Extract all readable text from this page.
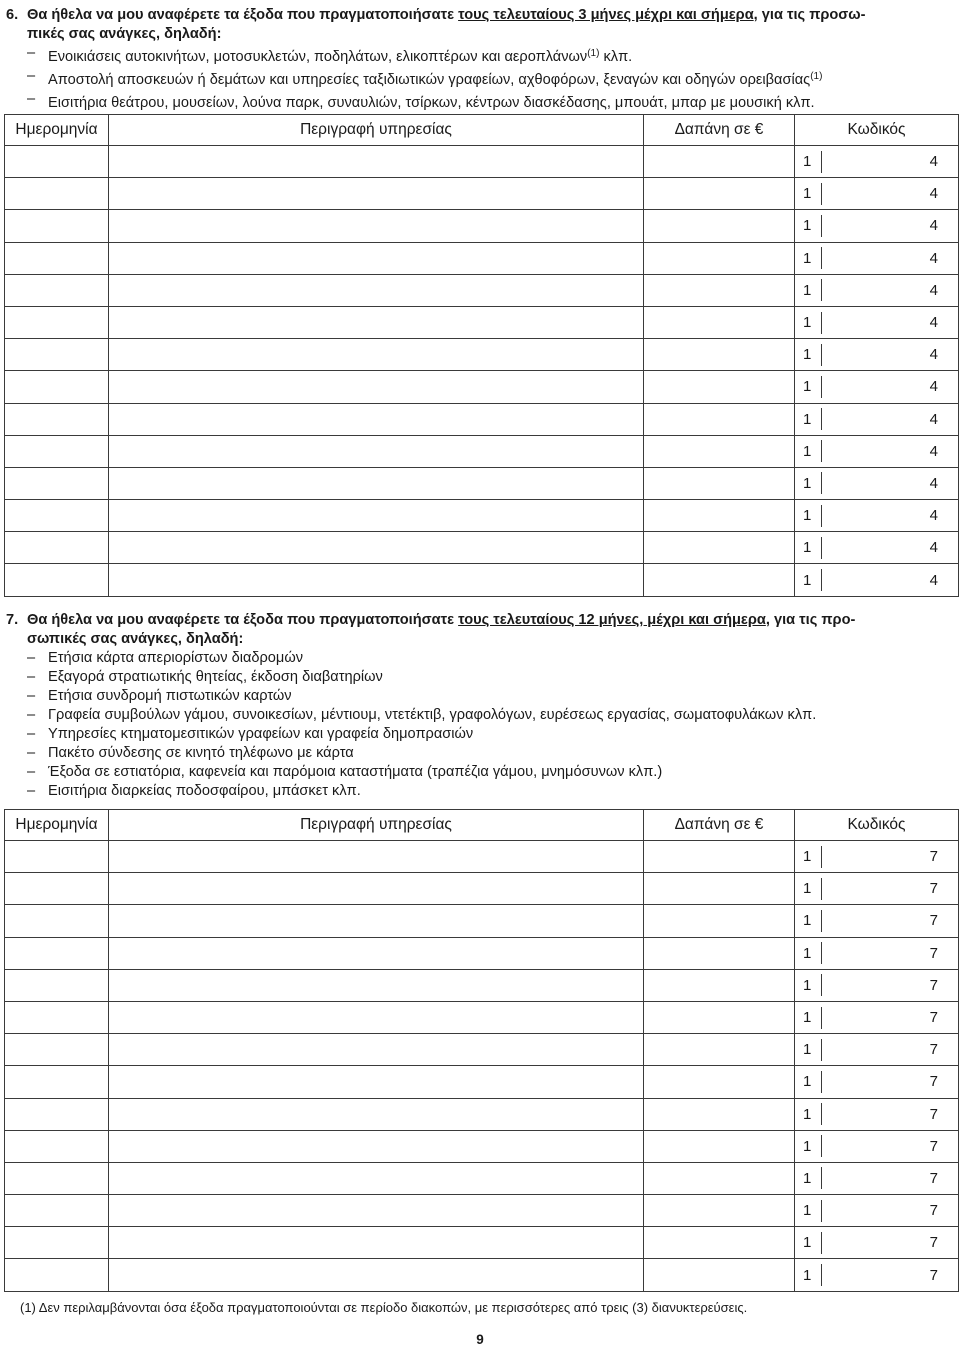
6. Θα ήθελα να μου αναφέρετε τα έξοδα που πραγματοποιήσατε τους τελευταίους 3 μήνες μέχρι και σήμερα, για τις προσω-
πικές σας ανάγκες, δηλαδή:
– Ενοικιάσεις αυτοκινήτων, μοτοσυκλετών, ποδηλάτων, ελικοπτέρων και αεροπλάνων$^{(1)}$ κλπ.
– Αποστολή αποσκευών ή δεμάτων και υπηρεσίες ταξιδιωτικών γραφείων, αχθοφόρων, ξεναγών και οδηγών ορειβασίας$^{(1)}$
– Εισιτήρια θεάτρου, μουσείων, λούνα παρκ, συναυλιών, τσίρκων, κέντρων διασκέδασης, μπουάτ, μπαρ με μουσική κλπ.
Ημερομηνία	Περιγραφή υπηρεσίας	Δαπάνη σε €	Κωδικός

			1 4

			1 4

			1 4

			1 4

			1 4

			1 4

			1 4

			1 4

			1 4

			1 4

			1 4

			1 4

			1 4

			1 4
7. Θα ήθελα να μου αναφέρετε τα έξοδα που πραγματοποιήσατε τους τελευταίους 12 μήνες, μέχρι και σήμερα, για τις προ-
σωπικές σας ανάγκες, δηλαδή:
– Ετήσια κάρτα απεριορίστων διαδρομών
– Εξαγορά στρατιωτικής θητείας, έκδοση διαβατηρίων
– Ετήσια συνδρομή πιστωτικών καρτών
– Γραφεία συμβούλων γάμου, συνοικεσίων, μέντιουμ, ντετέκτιβ, γραφολόγων, ευρέσεως εργασίας, σωματοφυλάκων κλπ.
– Υπηρεσίες κτηματομεσιτικών γραφείων και γραφεία δημοπρασιών
– Πακέτο σύνδεσης σε κινητό τηλέφωνο με κάρτα
– Έξοδα σε εστιατόρια, καφενεία και παρόμοια καταστήματα (τραπέζια γάμου, μνημόσυνων κλπ.)
– Εισιτήρια διαρκείας ποδοσφαίρου, μπάσκετ κλπ.
Ημερομηνία	Περιγραφή υπηρεσίας	Δαπάνη σε €	Κωδικός

			1 7

			1 7

			1 7

			1 7

			1 7

			1 7

			1 7

			1 7

			1 7

			1 7

			1 7

			1 7

			1 7

			1 7
(1) Δεν περιλαμβάνονται όσα έξοδα πραγματοποιούνται σε περίοδο διακοπών, με περισσότερες από τρεις (3) διανυκτερεύσεις.
9
